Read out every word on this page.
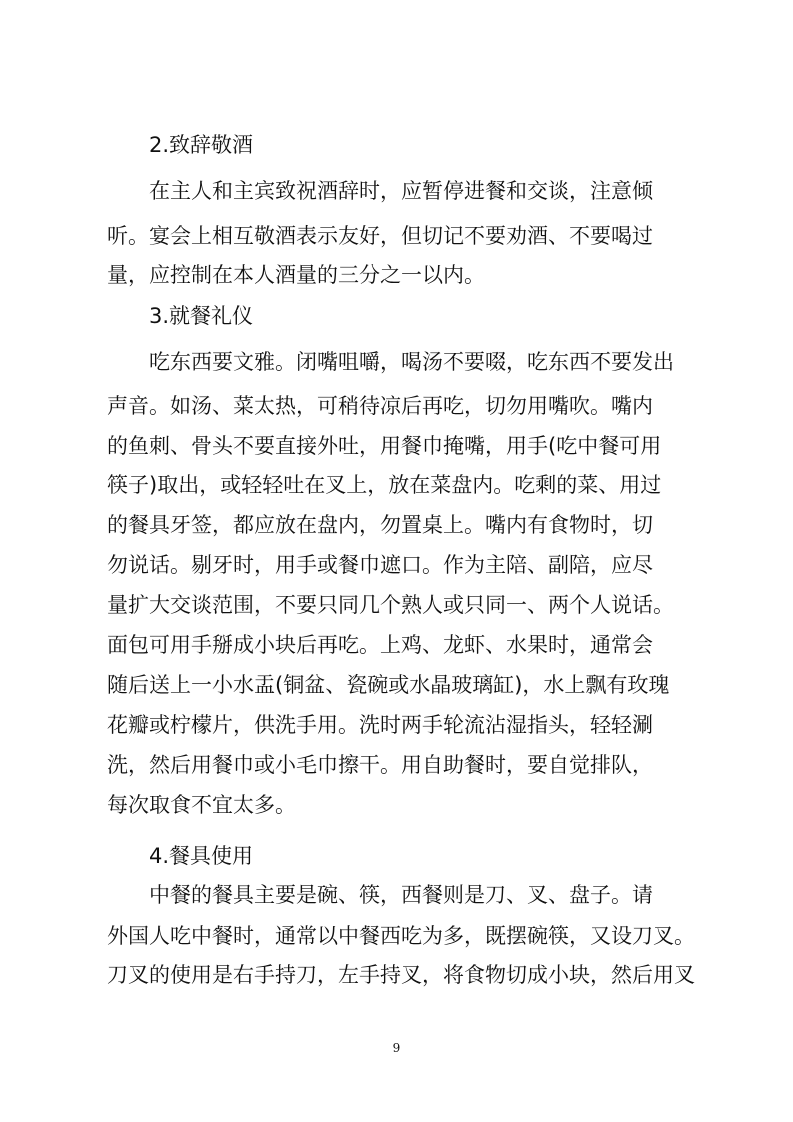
2.致辞敬酒
在主人和主宾致祝酒辞时，应暂停进餐和交谈，注意倾
听。宴会上相互敬酒表示友好，但切记不要劝酒、不要喝过
量，应控制在本人酒量的三分之一以内。
3.就餐礼仪
吃东西要文雅。闭嘴咀嚼，喝汤不要啜，吃东西不要发出
声音。如汤、菜太热，可稍待凉后再吃，切勿用嘴吹。嘴内
的鱼刺、骨头不要直接外吐，用餐巾掩嘴，用手(吃中餐可用
筷子)取出，或轻轻吐在叉上，放在菜盘内。吃剩的菜、用过
的餐具牙签，都应放在盘内，勿置桌上。嘴内有食物时，切
勿说话。剔牙时，用手或餐巾遮口。作为主陪、副陪，应尽
量扩大交谈范围，不要只同几个熟人或只同一、两个人说话。
面包可用手掰成小块后再吃。上鸡、龙虾、水果时，通常会
随后送上一小水盂(铜盆、瓷碗或水晶玻璃缸)，水上飘有玫瑰
花瓣或柠檬片，供洗手用。洗时两手轮流沾湿指头，轻轻涮
洗，然后用餐巾或小毛巾擦干。用自助餐时，要自觉排队，
每次取食不宜太多。
4.餐具使用
中餐的餐具主要是碗、筷，西餐则是刀、叉、盘子。请
外国人吃中餐时，通常以中餐西吃为多，既摆碗筷，又设刀叉。
刀叉的使用是右手持刀，左手持叉，将食物切成小块，然后用叉
9
